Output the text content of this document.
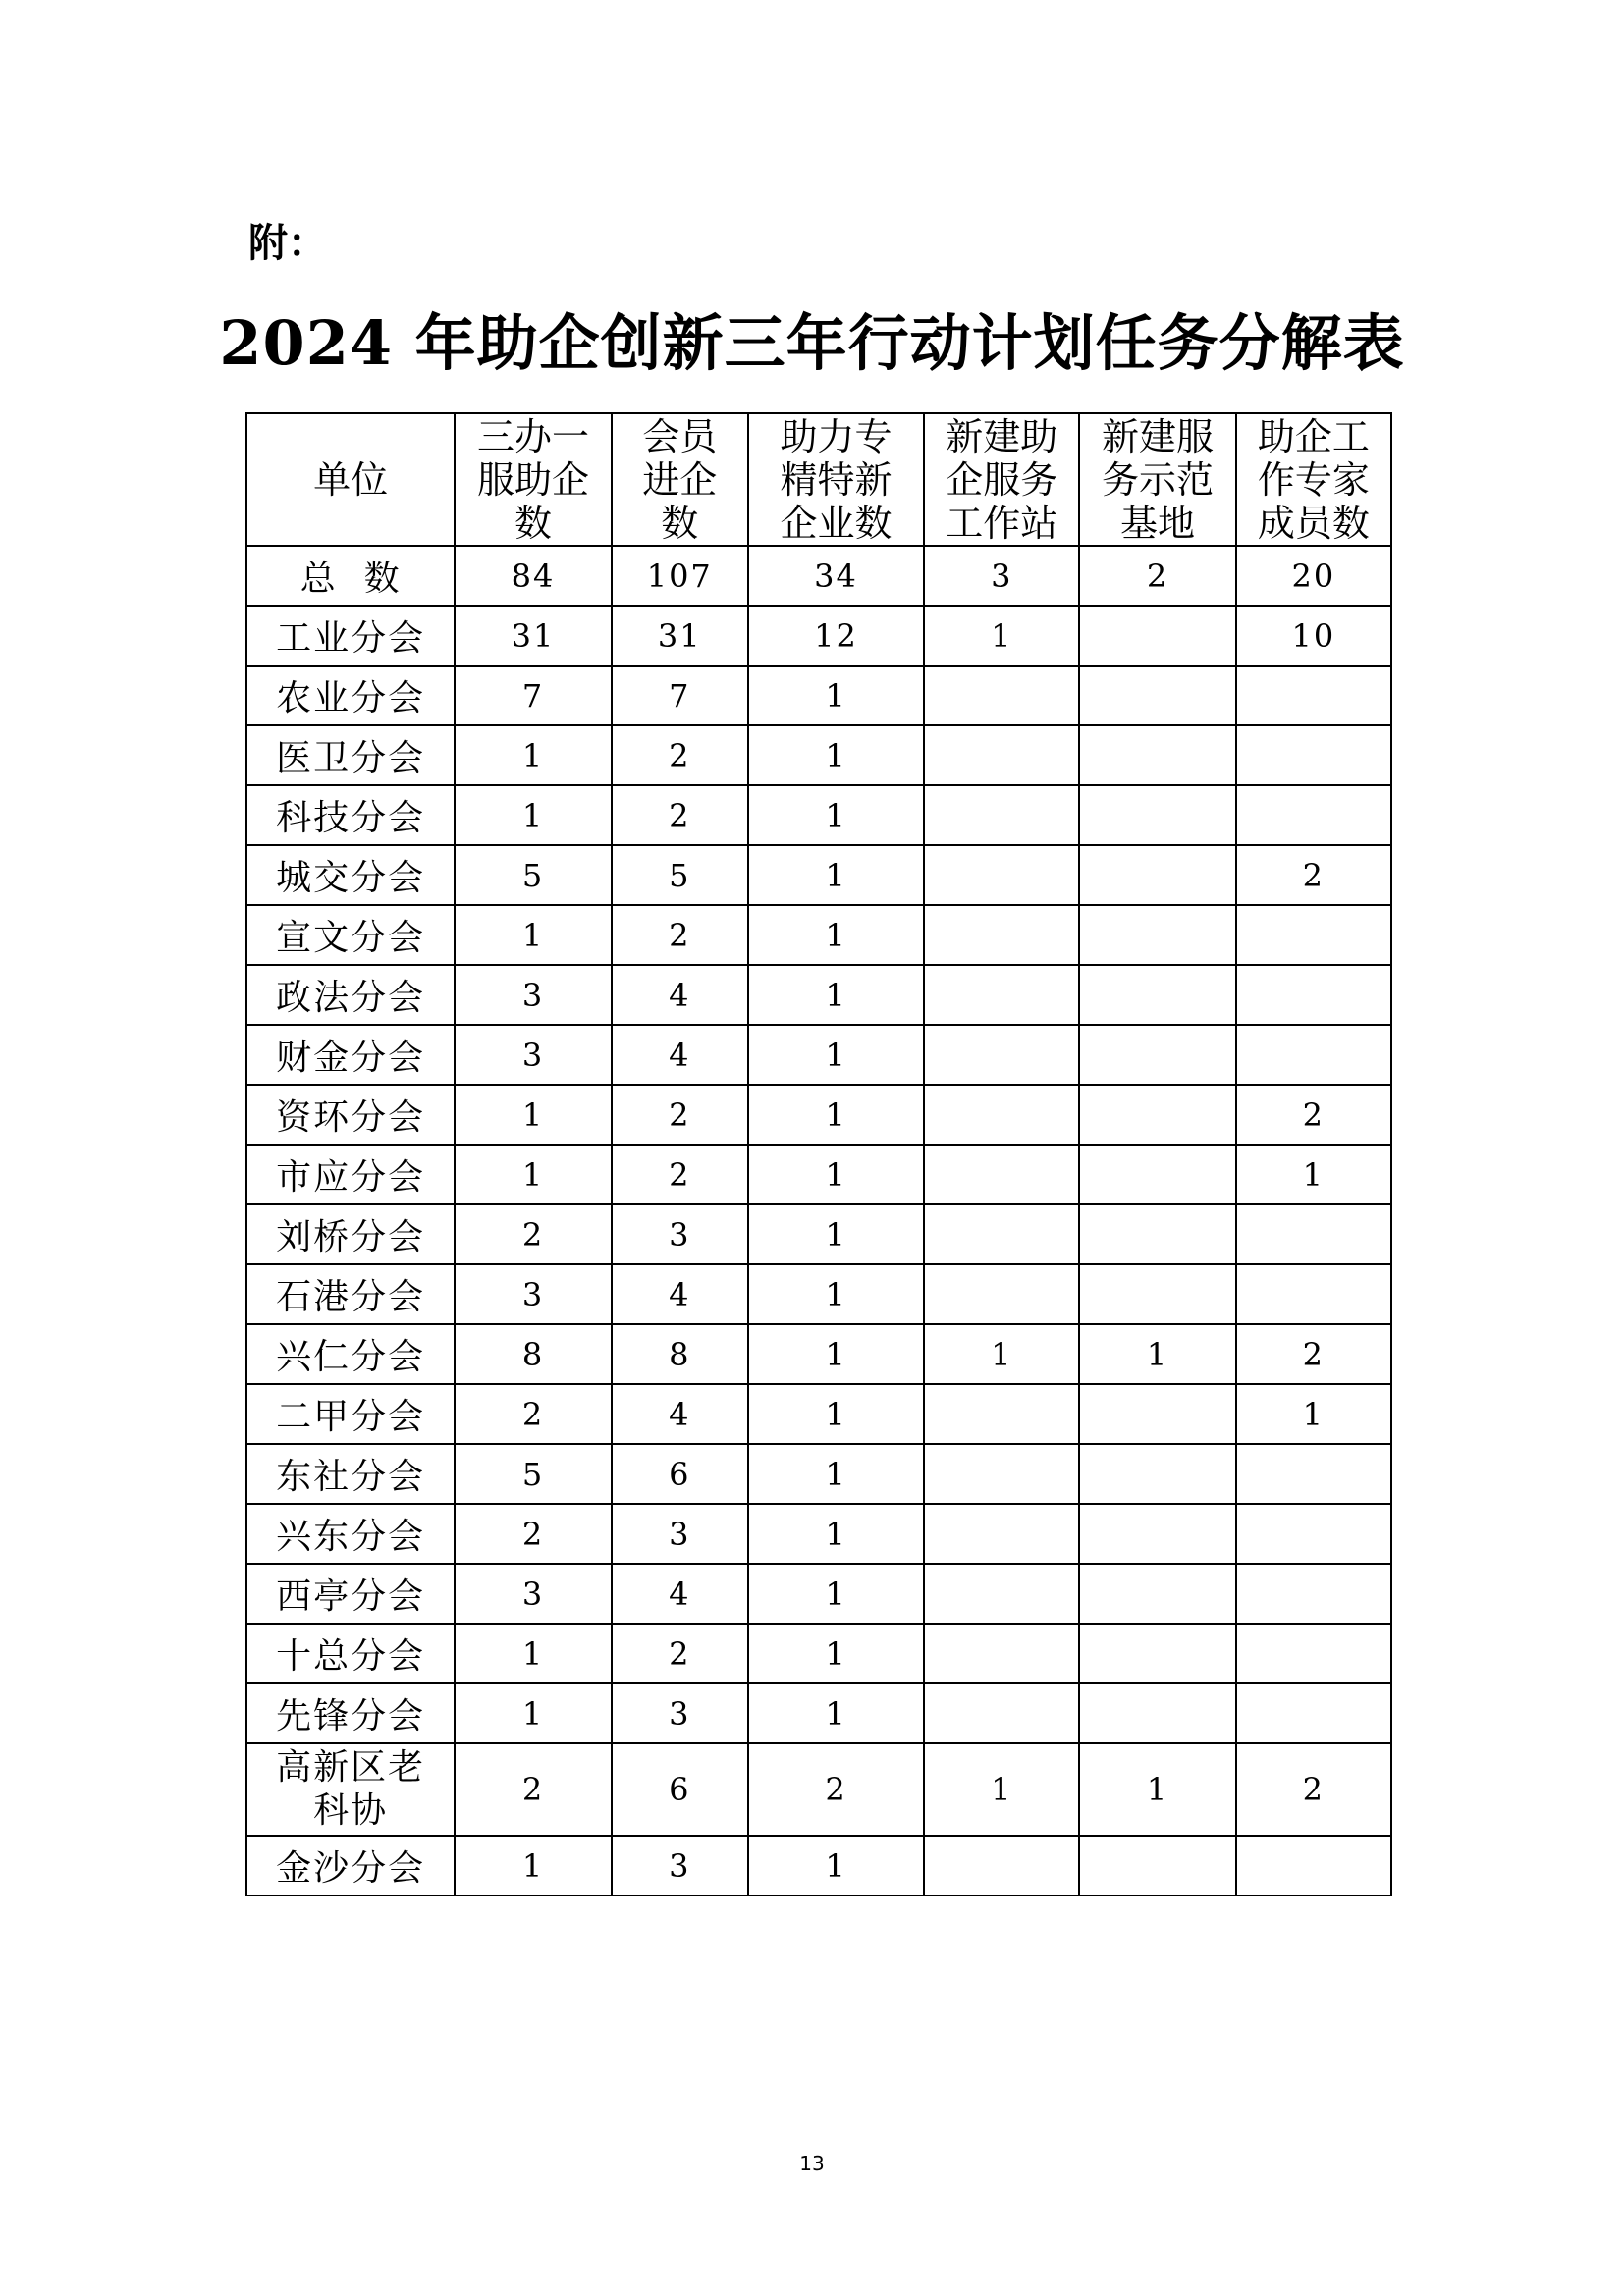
附：
2024 年助企创新三年行动计划任务分解表
单位	三办一
服助企
数	会员
进企
数	助力专
精特新
企业数	新建助
企服务
工作站	新建服
务示范
基地	助企工
作专家
成员数

总  数	84	107	34	3	2	20

工业分会	31	31	12	1		10

农业分会	7	7	1			

医卫分会	1	2	1			

科技分会	1	2	1			

城交分会	5	5	1			2

宣文分会	1	2	1			

政法分会	3	4	1			

财金分会	3	4	1			

资环分会	1	2	1			2

市应分会	1	2	1			1

刘桥分会	2	3	1			

石港分会	3	4	1			

兴仁分会	8	8	1	1	1	2

二甲分会	2	4	1			1

东社分会	5	6	1			

兴东分会	2	3	1			

西亭分会	3	4	1			

十总分会	1	2	1			

先锋分会	1	3	1			

高新区老
科协	2	6	2	1	1	2

金沙分会	1	3	1			
13
